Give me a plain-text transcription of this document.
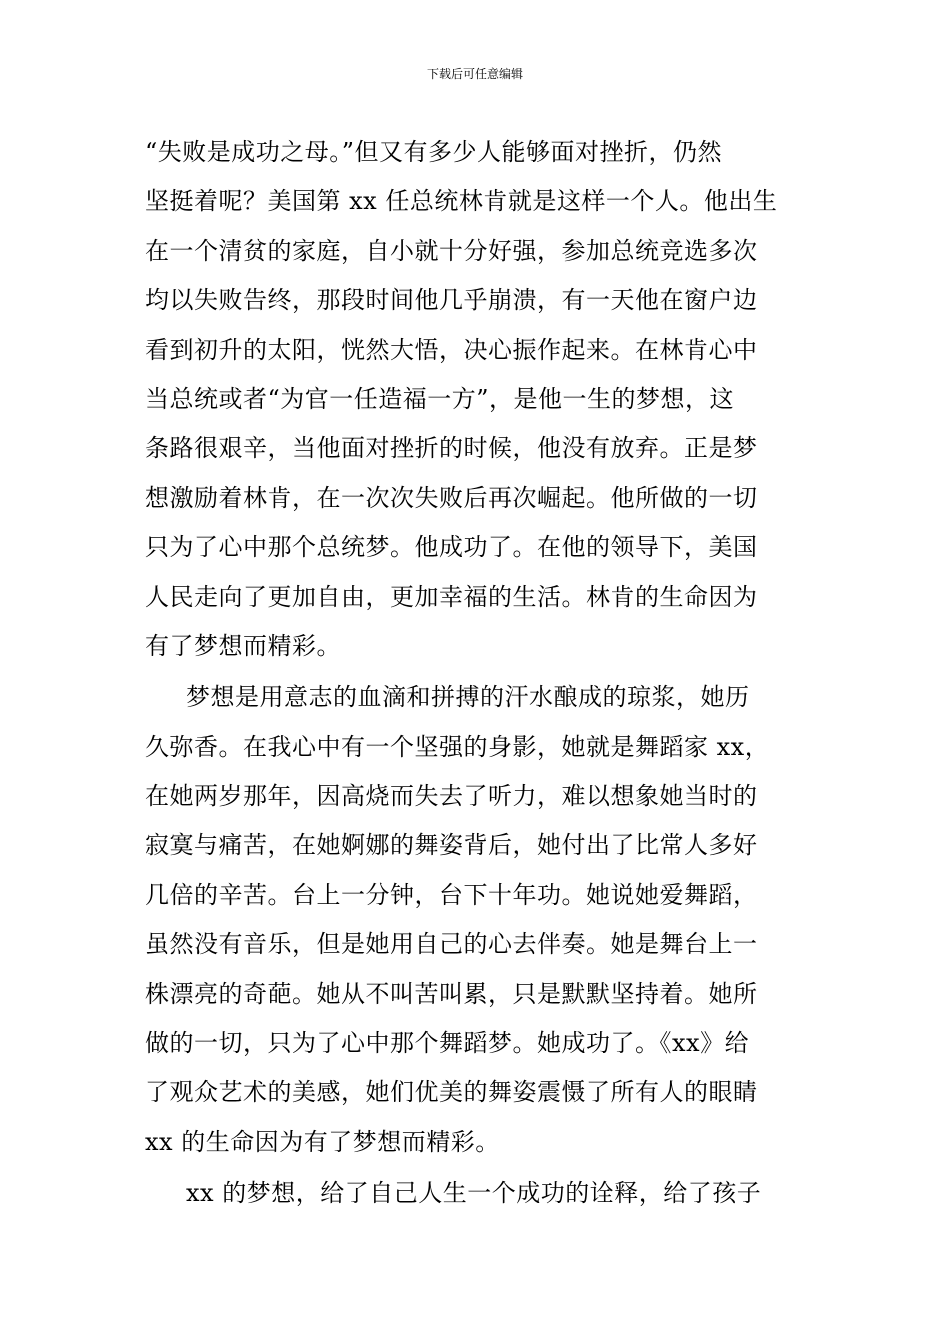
下载后可任意编辑
“失败是成功之母。”但又有多少人能够面对挫折，仍然
坚挺着呢？美国第 xx 任总统林肯就是这样一个人。他出生
在一个清贫的家庭，自小就十分好强，参加总统竞选多次
均以失败告终，那段时间他几乎崩溃，有一天他在窗户边
看到初升的太阳，恍然大悟，决心振作起来。在林肯心中
当总统或者“为官一任造福一方”，是他一生的梦想，这
条路很艰辛，当他面对挫折的时候，他没有放弃。正是梦
想激励着林肯，在一次次失败后再次崛起。他所做的一切
只为了心中那个总统梦。他成功了。在他的领导下，美国
人民走向了更加自由，更加幸福的生活。林肯的生命因为
有了梦想而精彩。
梦想是用意志的血滴和拼搏的汗水酿成的琼浆，她历
久弥香。在我心中有一个坚强的身影，她就是舞蹈家 xx，
在她两岁那年，因高烧而失去了听力，难以想象她当时的
寂寞与痛苦，在她婀娜的舞姿背后，她付出了比常人多好
几倍的辛苦。台上一分钟，台下十年功。她说她爱舞蹈，
虽然没有音乐，但是她用自己的心去伴奏。她是舞台上一
株漂亮的奇葩。她从不叫苦叫累，只是默默坚持着。她所
做的一切，只为了心中那个舞蹈梦。她成功了。《xx》给
了观众艺术的美感，她们优美的舞姿震慑了所有人的眼睛
xx 的生命因为有了梦想而精彩。
xx 的梦想，给了自己人生一个成功的诠释，给了孩子
